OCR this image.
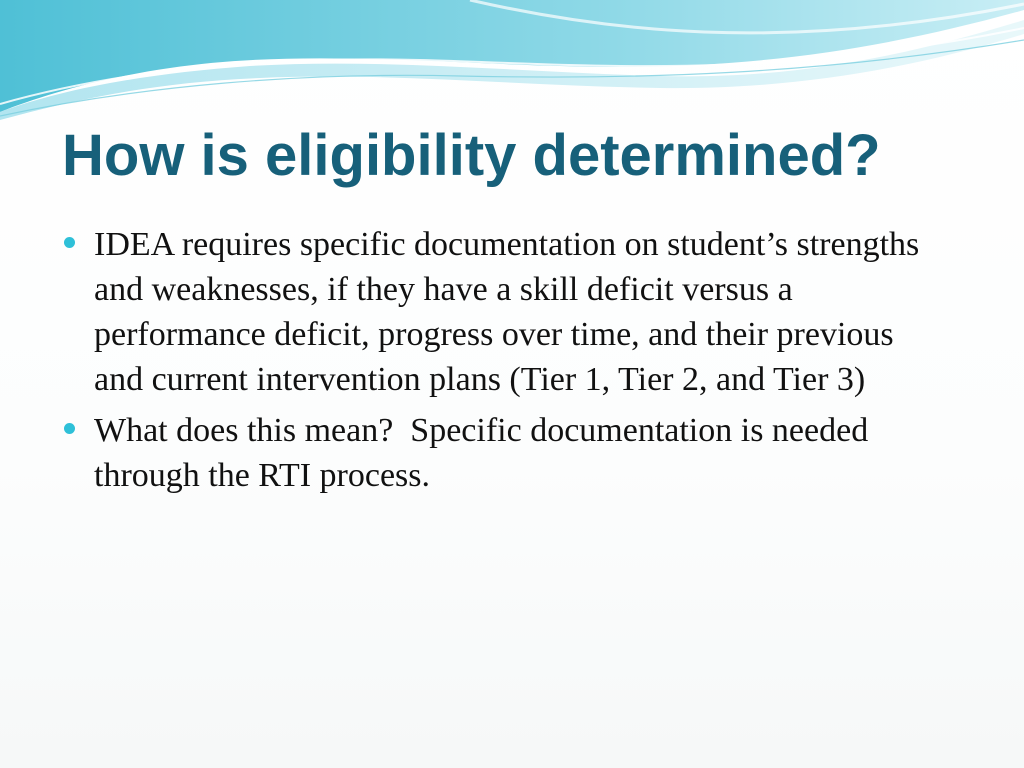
How is eligibility determined?
IDEA requires specific documentation on student’s strengths and weaknesses, if they have a skill deficit versus a performance deficit, progress over time, and their previous and current intervention plans (Tier 1, Tier 2, and Tier 3)
What does this mean?  Specific documentation is needed through the RTI process.
